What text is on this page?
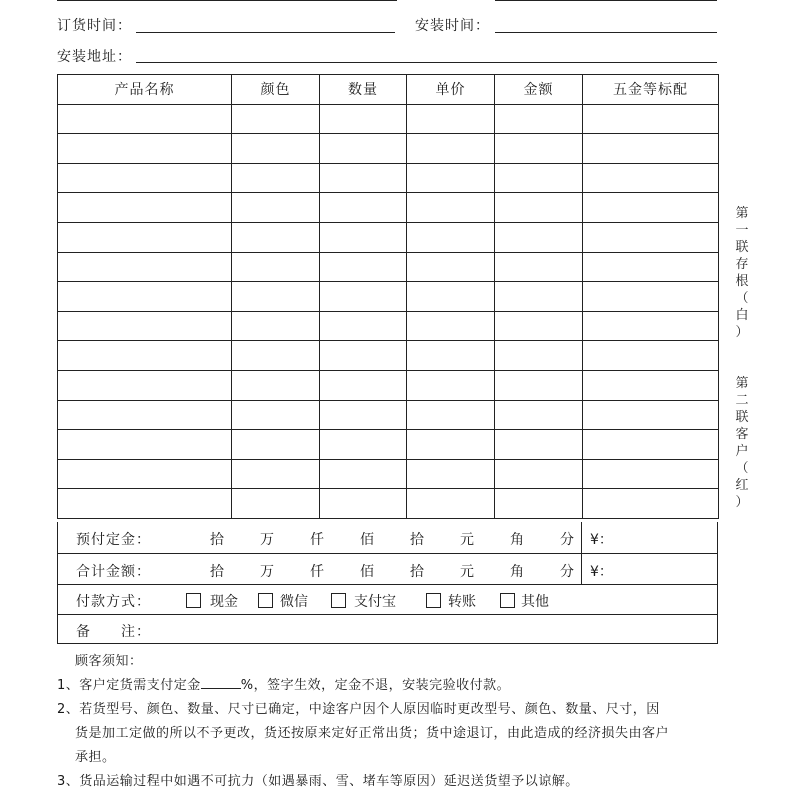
订货时间：	安装时间：
安装地址：
产品名称	颜色	数量	单价	金额	五金等标配

预付定金：	拾	万	仟	佰	拾	元	角	分 ¥：
合计金额：	拾	万	仟	佰	拾	元	角	分 ¥：
付款方式：	现金	微信	支付宝	转账	其他
备　　注：
第
一
联
存
根
（
白
）
第
二
联
客
户
（
红
）
顾客须知：
1、客户定货需支付定金	%，签字生效，定金不退，安装完验收付款。
2、若货型号、颜色、数量、尺寸已确定，中途客户因个人原因临时更改型号、颜色、数量、尺寸，因
货是加工定做的所以不予更改，货还按原来定好正常出货；货中途退订，由此造成的经济损失由客户
承担。
3、货品运输过程中如遇不可抗力（如遇暴雨、雪、堵车等原因）延迟送货望予以谅解。
